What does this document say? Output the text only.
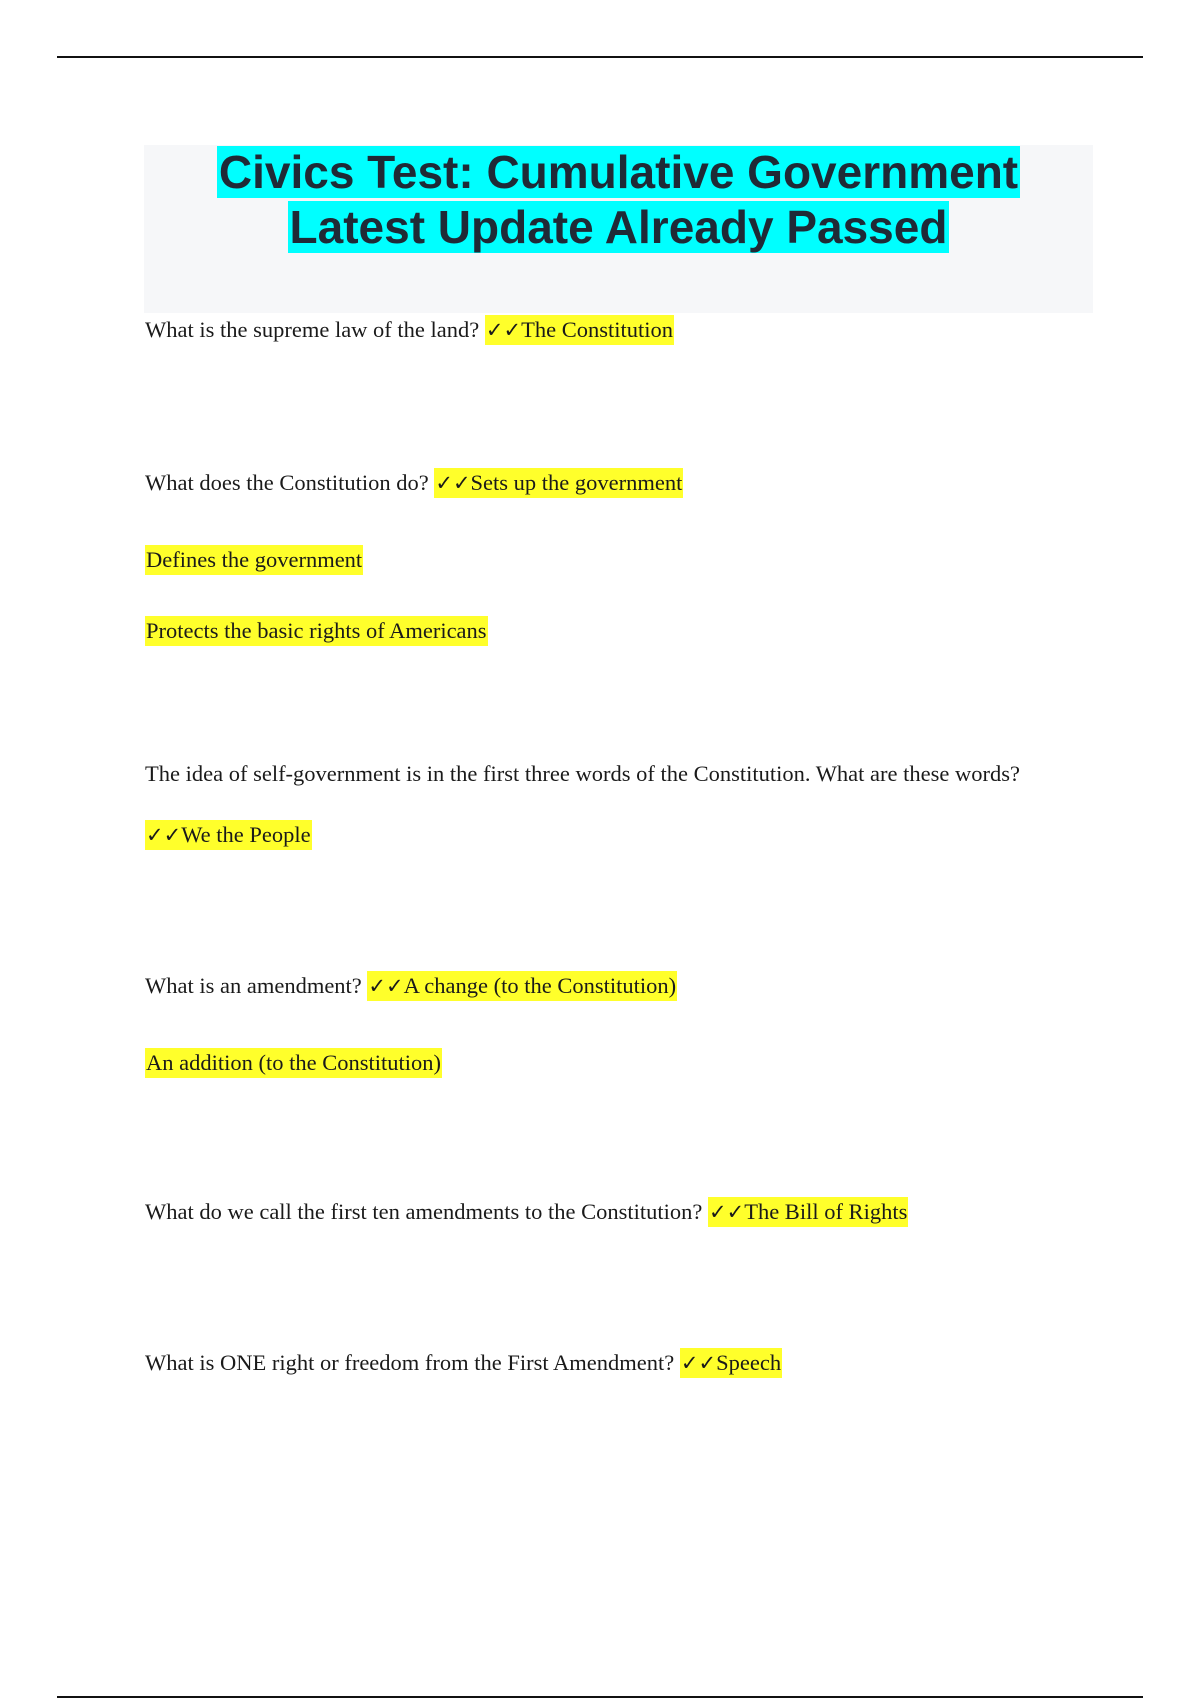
Civics Test: Cumulative Government
Latest Update Already Passed
What is the supreme law of the land? ✓✓The Constitution
What does the Constitution do? ✓✓Sets up the government
Defines the government
Protects the basic rights of Americans
The idea of self-government is in the first three words of the Constitution. What are these words?
✓✓We the People
What is an amendment? ✓✓A change (to the Constitution)
An addition (to the Constitution)
What do we call the first ten amendments to the Constitution? ✓✓The Bill of Rights
What is ONE right or freedom from the First Amendment? ✓✓Speech
